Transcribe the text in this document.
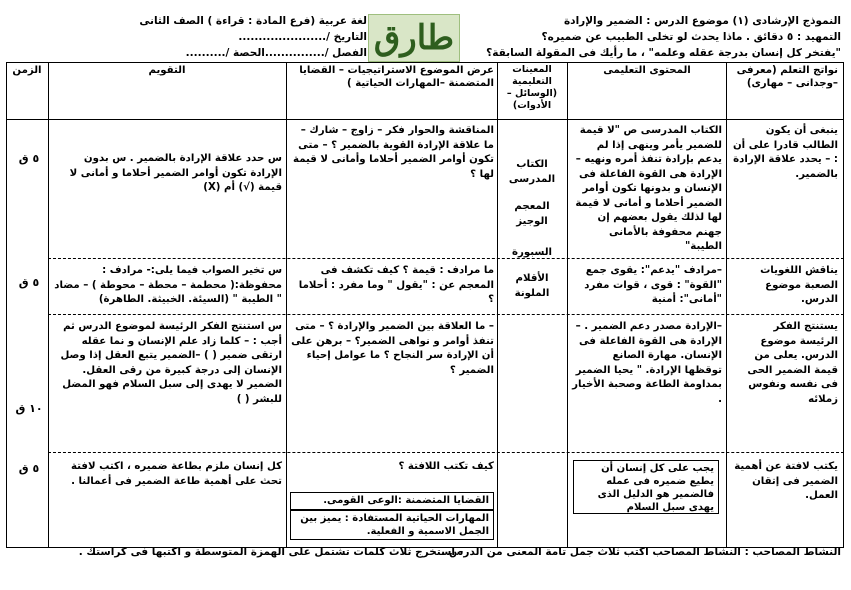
النموذج الإرشادى (١) موضوع الدرس : الضمير والإرادة
التمهيد : ٥ دقائق . ماذا يحدث لو تخلى الطبيب عن ضميره؟
"يفتخر كل إنسان بدرجة عقله وعلمه" ، ما رأيك فى المقولة السابقة؟
لغة عربية (فرع المادة : قراءة ) الصف الثانى
التاريخ /......................
الفصل /...............الحصة /.......... طارق
نواتج التعلم (معرفى –وجدانى – مهارى)
المحتوى التعليمى
المعينات التعليمية (الوسائل – الأدوات)
عرض الموضوع الاستراتيجيات – القضايا المتضمنة –المهارات الحياتية )
التقويم
الزمن
ينبغى أن يكون الطالب قادرا على أن : – يحدد علاقة الإرادة بالضمير.
الكتاب المدرسى ص "لا قيمة للضمير يأمر وينهى إذا لم يدعم بإرادة تنفذ أمره ونهيه – الإرادة هى القوة الفاعلة فى الإنسان و بدونها تكون أوامر الضمير أحلاما و أمانى لا قيمة لها لذلك يقول بعضهم إن جهنم محفوفة بالأمانى الطيبة"
المناقشة والحوار فكر – زاوج – شارك – ما علاقة الإرادة القوية بالضمير ؟ – متى تكون أوامر الضمير أحلاما وأمانى لا قيمة لها ؟
س حدد علاقة الإرادة بالضمير . س بدون الإرادة تكون أوامر الضمير أحلاما و أمانى لا قيمة (√) أم (X)
٥ ق	الكتاب المدرسى
المعجم الوجيز
السبورة
الأقلام الملونة
يناقش اللغويات الصعبة موضوع الدرس.
–مرادف "يدعم": يقوى جمع "القوة" : قوى ، قوات مفرد "أمانى": أمنية
ما مرادف : قيمة ؟ كيف تكشف فى المعجم عن : "يقول " وما مفرد : أحلاما ؟
س تخير الصواب فيما يلى:- مرادف : محفوظة:( محطمة – محطة – محوطة ) – مضاد " الطيبة " (السيئة. الخبيثة. الطاهرة)
٥ ق
يستنتج الفكر الرئيسة موضوع الدرس. يعلى من قيمة الضمير الحى فى نفسه ونفوس زملائه
–الإرادة مصدر دعم الضمير . –الإرادة هى القوة الفاعلة فى الإنسان. مهارة الصانع توقظها الإرادة. " يحيا الضمير بمداومة الطاعة وصحبة الأخيار .
– ما العلاقة بين الضمير والإرادة ؟ – متى تنفذ أوامر و نواهى الضمير؟ – برهن على أن الإرادة سر النجاح ؟ ما عوامل إحياء الضمير ؟
س استنتج الفكر الرئيسة لموضوع الدرس ثم أجب : – كلما زاد علم الإنسان و نما عقله ارتقى ضمير ( ) –الضمير يتبع العقل إذا وصل الإنسان إلى درجة كبيرة من رقى العقل. الضمير لا يهدى إلى سبل السلام فهو المضل للبشر ( )
١٠ ق
يكتب لافتة عن أهمية الضمير فى إتقان العمل.
يجب على كل إنسان أن يطيع ضميره فى عمله فالضمير هو الدليل الذى يهدى سبل السلام
كيف تكتب اللافتة ؟
كل إنسان ملزم بطاعة ضميره ، اكتب لافتة تحث على أهمية طاعة الضمير فى أعمالنا .
٥ ق
القضايا المتضمنة :الوعى القومى.
المهارات الحياتية المستفادة : يميز بين الجمل الاسمية و الفعلية.
النشاط المصاحب : النشاط المصاحب اكتب ثلاث جمل تامة المعنى من الدرس .
- استخرج ثلاث كلمات تشتمل على الهمزة المتوسطة و اكتبها فى كراستك .
